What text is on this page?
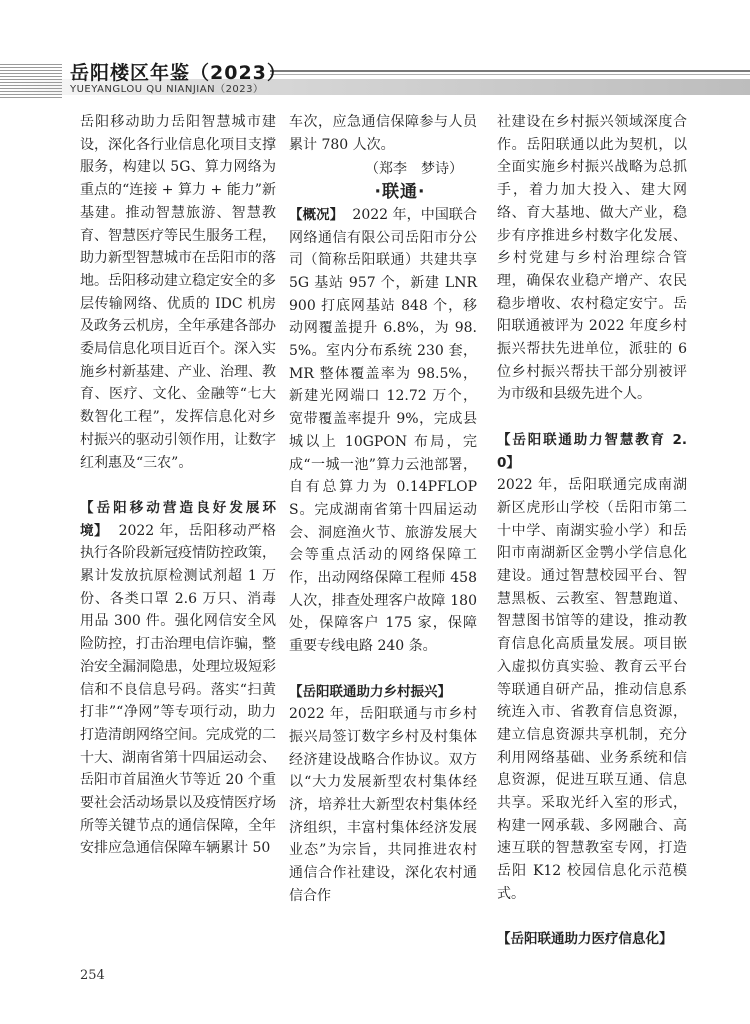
岳阳楼区年鉴（2023）
YUEYANGLOU QU NIANJIAN（2023）

岳阳移动助力岳阳智慧城市建设，深化各行业信息化项目支撑服务，构建以 5G、算力网络为重点的“连接 + 算力 + 能力”新基建。推动智慧旅游、智慧教育、智慧医疗等民生服务工程，助力新型智慧城市在岳阳市的落地。岳阳移动建立稳定安全的多层传输网络、优质的 IDC 机房及政务云机房，全年承建各部办委局信息化项目近百个。深入实施乡村新基建、产业、治理、教育、医疗、文化、金融等“七大数智化工程”，发挥信息化对乡村振兴的驱动引领作用，让数字红利惠及“三农”。

【岳阳移动营造良好发展环境】 2022 年，岳阳移动严格执行各阶段新冠疫情防控政策，累计发放抗原检测试剂超 1 万份、各类口罩 2.6 万只、消毒用品 300 件。强化网信安全风险防控，打击治理电信诈骗，整治安全漏洞隐患，处理垃圾短彩信和不良信息号码。落实“扫黄打非”“净网”等专项行动，助力打造清朗网络空间。完成党的二十大、湖南省第十四届运动会、岳阳市首届渔火节等近 20 个重要社会活动场景以及疫情医疗场所等关键节点的通信保障，全年安排应急通信保障车辆累计 50

车次，应急通信保障参与人员累计 780 人次。

（郑李　梦诗）

·联通·

【概况】 2022 年，中国联合网络通信有限公司岳阳市分公司（简称岳阳联通）共建共享 5G 基站 957 个，新建 LNR900 打底网基站 848 个，移动网覆盖提升 6.8%，为 98.5%。室内分布系统 230 套，MR 整体覆盖率为 98.5%，新建光网端口 12.72 万个，宽带覆盖率提升 9%，完成县城以上 10GPON 布局，完成“一城一池”算力云池部署，自有总算力为 0.14PFLOPS。完成湖南省第十四届运动会、洞庭渔火节、旅游发展大会等重点活动的网络保障工作，出动网络保障工程师 458 人次，排查处理客户故障 180 处，保障客户 175 家，保障重要专线电路 240 条。

【岳阳联通助力乡村振兴】
2022 年，岳阳联通与市乡村振兴局签订数字乡村及村集体经济建设战略合作协议。双方以“大力发展新型农村集体经济，培养壮大新型农村集体经济组织，丰富村集体经济发展业态”为宗旨，共同推进农村通信合作社建设，深化农村通信合作

社建设在乡村振兴领域深度合作。岳阳联通以此为契机，以全面实施乡村振兴战略为总抓手，着力加大投入、建大网络、育大基地、做大产业，稳步有序推进乡村数字化发展、乡村党建与乡村治理综合管理，确保农业稳产增产、农民稳步增收、农村稳定安宁。岳阳联通被评为 2022 年度乡村振兴帮扶先进单位，派驻的 6 位乡村振兴帮扶干部分别被评为市级和县级先进个人。

【岳阳联通助力智慧教育 2.0】
2022 年，岳阳联通完成南湖新区虎形山学校（岳阳市第二十中学、南湖实验小学）和岳阳市南湖新区金鹗小学信息化建设。通过智慧校园平台、智慧黑板、云教室、智慧跑道、智慧图书馆等的建设，推动教育信息化高质量发展。项目嵌入虚拟仿真实验、教育云平台等联通自研产品，推动信息系统连入市、省教育信息资源，建立信息资源共享机制，充分利用网络基础、业务系统和信息资源，促进互联互通、信息共享。采取光纤入室的形式，构建一网承载、多网融合、高速互联的智慧教室专网，打造岳阳 K12 校园信息化示范模式。

【岳阳联通助力医疗信息化】

254
